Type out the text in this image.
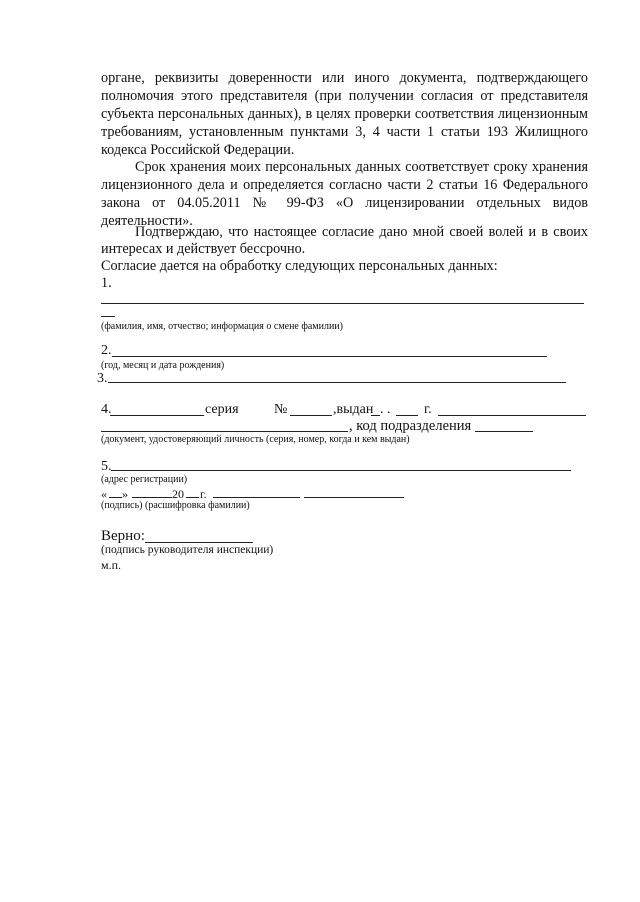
органе, реквизиты доверенности или иного документа, подтверждающего
полномочия этого представителя (при получении согласия от представителя
субъекта персональных данных), в целях проверки соответствия лицензионным
требованиям, установленным пунктами 3, 4 части 1 статьи 193 Жилищного
кодекса Российской Федерации.
Срок хранения моих персональных данных соответствует сроку хранения
лицензионного дела и определяется согласно части 2 статьи 16 Федерального
закона от 04.05.2011 № 99-ФЗ «О лицензировании отдельных видов
деятельности».
Подтверждаю, что настоящее согласие дано мной своей волей и в своих
интересах и действует бессрочно.
Согласие дается на обработку следующих персональных данных:
1.
(фамилия, имя, отчество; информация о смене фамилии)
2.
(год, месяц и дата рождения)
3.
4.	серия	№	,выдан . . г.
, код подразделения
(документ, удостоверяющий личность (серия, номер, когда и кем выдан)
5.
(адрес регистрации)
« »	20 г.
(подпись) (расшифровка фамилии)
Верно:
(подпись руководителя инспекции)
м.п.
